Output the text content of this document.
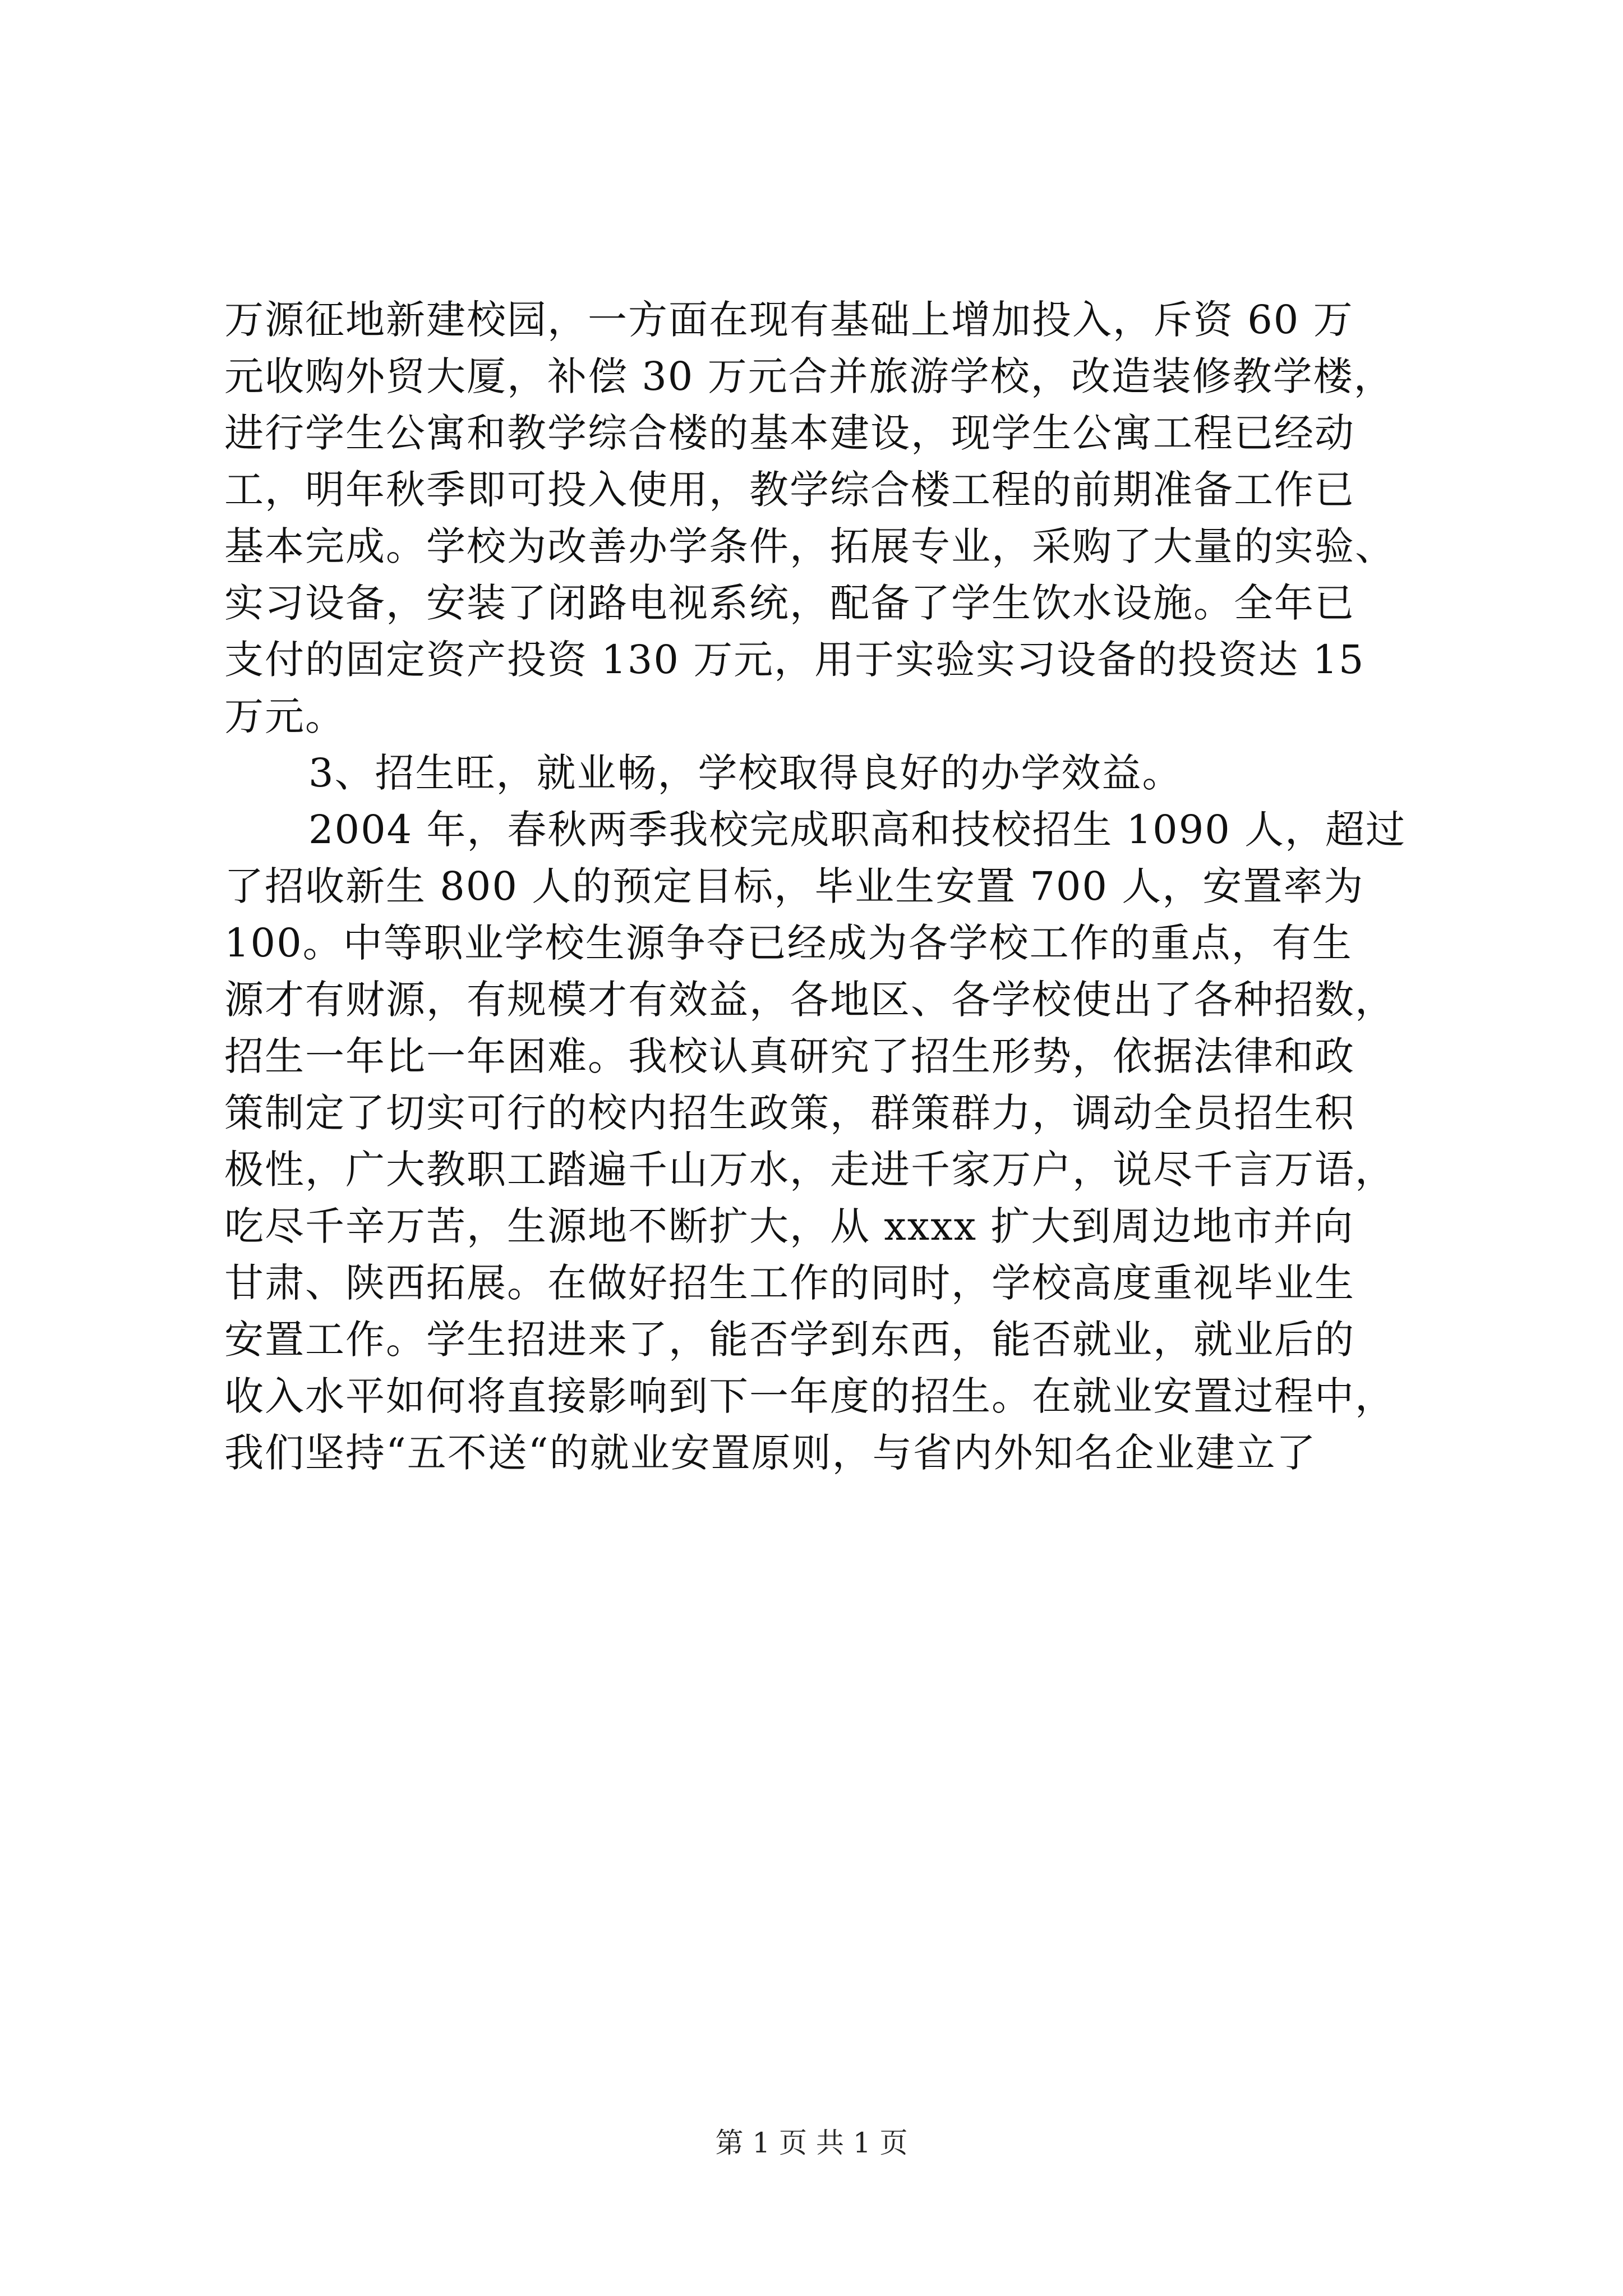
万源征地新建校园，一方面在现有基础上增加投入，斥资 60 万
元收购外贸大厦，补偿 30 万元合并旅游学校，改造装修教学楼，
进行学生公寓和教学综合楼的基本建设，现学生公寓工程已经动
工，明年秋季即可投入使用，教学综合楼工程的前期准备工作已
基本完成。学校为改善办学条件，拓展专业，采购了大量的实验、
实习设备，安装了闭路电视系统，配备了学生饮水设施。全年已
支付的固定资产投资 130 万元，用于实验实习设备的投资达 15
万元。
3、招生旺，就业畅，学校取得良好的办学效益。
2004 年，春秋两季我校完成职高和技校招生 1090 人，超过
了招收新生 800 人的预定目标，毕业生安置 700 人，安置率为
100。中等职业学校生源争夺已经成为各学校工作的重点，有生
源才有财源，有规模才有效益，各地区、各学校使出了各种招数，
招生一年比一年困难。我校认真研究了招生形势，依据法律和政
策制定了切实可行的校内招生政策，群策群力，调动全员招生积
极性，广大教职工踏遍千山万水，走进千家万户，说尽千言万语，
吃尽千辛万苦，生源地不断扩大，从 xxxx 扩大到周边地市并向
甘肃、陕西拓展。在做好招生工作的同时，学校高度重视毕业生
安置工作。学生招进来了，能否学到东西，能否就业，就业后的
收入水平如何将直接影响到下一年度的招生。在就业安置过程中，
我们坚持“五不送“的就业安置原则，与省内外知名企业建立了
第 1 页 共 1 页
